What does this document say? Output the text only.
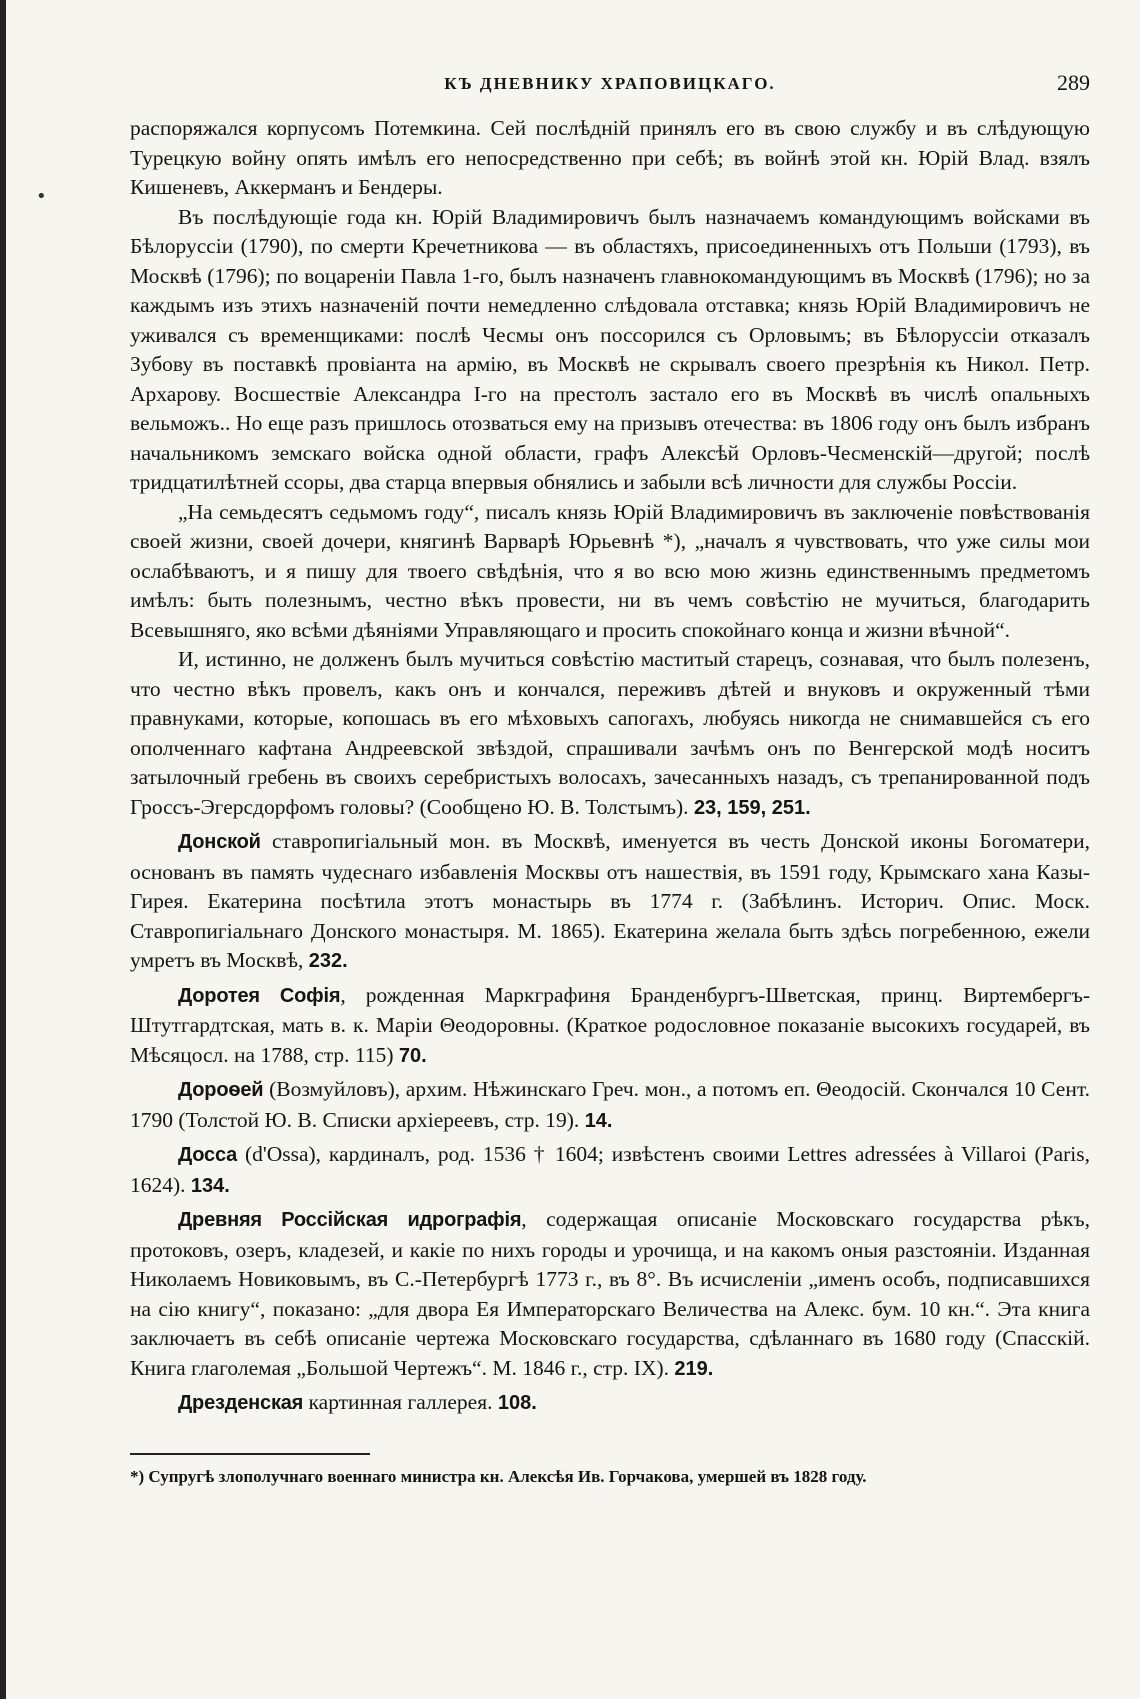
•
КЪ ДНЕВНИКУ ХРАПОВИЦКАГО.	289

распоряжался корпусомъ Потемкина. Сей послѣдній принялъ его въ свою службу и въ слѣдующую Турецкую войну опять имѣлъ его непосредственно при себѣ; въ войнѣ этой кн. Юрій Влад. взялъ Кишеневъ, Аккерманъ и Бендеры.

Въ послѣдующіе года кн. Юрій Владимировичъ былъ назначаемъ командующимъ войсками въ Бѣлоруссіи (1790), по смерти Кречетникова — въ областяхъ, присоединенныхъ отъ Польши (1793), въ Москвѣ (1796); по воцареніи Павла 1-го, былъ назначенъ главнокомандующимъ въ Москвѣ (1796); но за каждымъ изъ этихъ назначеній почти немедленно слѣдовала отставка; князь Юрій Владимировичъ не уживался съ временщиками: послѣ Чесмы онъ поссорился съ Орловымъ; въ Бѣлоруссіи отказалъ Зубову въ поставкѣ провіанта на армію, въ Москвѣ не скрывалъ своего презрѣнія къ Никол. Петр. Архарову. Восшествіе Александра I-го на престолъ застало его въ Москвѣ въ числѣ опальныхъ вельможъ.. Но еще разъ пришлось отозваться ему на призывъ отечества: въ 1806 году онъ былъ избранъ начальникомъ земскаго войска одной области, графъ Алексѣй Орловъ-Чесменскій—другой; послѣ тридцатилѣтней ссоры, два старца впервыя обнялись и забыли всѣ личности для службы Россіи.

„На семьдесятъ седьмомъ году“, писалъ князь Юрій Владимировичъ въ заключеніе повѣствованія своей жизни, своей дочери, княгинѣ Варварѣ Юрьевнѣ *), „началъ я чувствовать, что уже силы мои ослабѣваютъ, и я пишу для твоего свѣдѣнія, что я во всю мою жизнь единственнымъ предметомъ имѣлъ: быть полезнымъ, честно вѣкъ провести, ни въ чемъ совѣстію не мучиться, благодарить Всевышняго, яко всѣми дѣяніями Управляющаго и просить спокойнаго конца и жизни вѣчной“.

И, истинно, не долженъ былъ мучиться совѣстію маститый старецъ, сознавая, что былъ полезенъ, что честно вѣкъ провелъ, какъ онъ и кончался, переживъ дѣтей и внуковъ и окруженный тѣми правнуками, которые, копошась въ его мѣховыхъ сапогахъ, любуясь никогда не снимавшейся съ его ополченнаго кафтана Андреевской звѣздой, спрашивали зачѣмъ онъ по Венгерской модѣ носитъ затылочный гребень въ своихъ серебристыхъ волосахъ, зачесанныхъ назадъ, съ трепанированной подъ Гроссъ-Эгерсдорфомъ головы? (Сообщено Ю. В. Толстымъ). 23, 159, 251.

Донской ставропигіальный мон. въ Москвѣ, именуется въ честь Донской иконы Богоматери, основанъ въ память чудеснаго избавленія Москвы отъ нашествія, въ 1591 году, Крымскаго хана Казы-Гирея. Екатерина посѣтила этотъ монастырь въ 1774 г. (Забѣлинъ. Историч. Опис. Моск. Ставропигіальнаго Донского монастыря. М. 1865). Екатерина желала быть здѣсь погребенною, ежели умретъ въ Москвѣ, 232.

Доротея Софія, рожденная Маркграфиня Бранденбургъ-Шветская, принц. Виртембергъ-Штутгардтская, мать в. к. Маріи Θеодоровны. (Краткое родословное показаніе высокихъ государей, въ Мѣсяцосл. на 1788, стр. 115) 70.

Дороѳей (Возмуйловъ), архим. Нѣжинскаго Греч. мон., а потомъ еп. Θеодосій. Скончался 10 Сент. 1790 (Толстой Ю. В. Списки архіереевъ, стр. 19). 14.

Досса (d'Ossa), кардиналъ, род. 1536 † 1604; извѣстенъ своими Lettres adressées à Villaroi (Paris, 1624). 134.

Древняя Россійская идрографія, содержащая описаніе Московскаго государства рѣкъ, протоковъ, озеръ, кладезей, и какіе по нихъ городы и урочища, и на какомъ оныя разстояніи. Изданная Николаемъ Новиковымъ, въ С.-Петербургѣ 1773 г., въ 8°. Въ исчисленіи „именъ особъ, подписавшихся на сію книгу“, показано: „для двора Ея Императорскаго Величества на Алекс. бум. 10 кн.“. Эта книга заключаетъ въ себѣ описаніе чертежа Московскаго государства, сдѣланнаго въ 1680 году (Спасскій. Книга глаголемая „Большой Чертежъ“. М. 1846 г., стр. IX). 219.

Дрезденская картинная галлерея. 108.

*) Супругѣ злополучнаго военнаго министра кн. Алексѣя Ив. Горчакова, умершей въ 1828 году.
